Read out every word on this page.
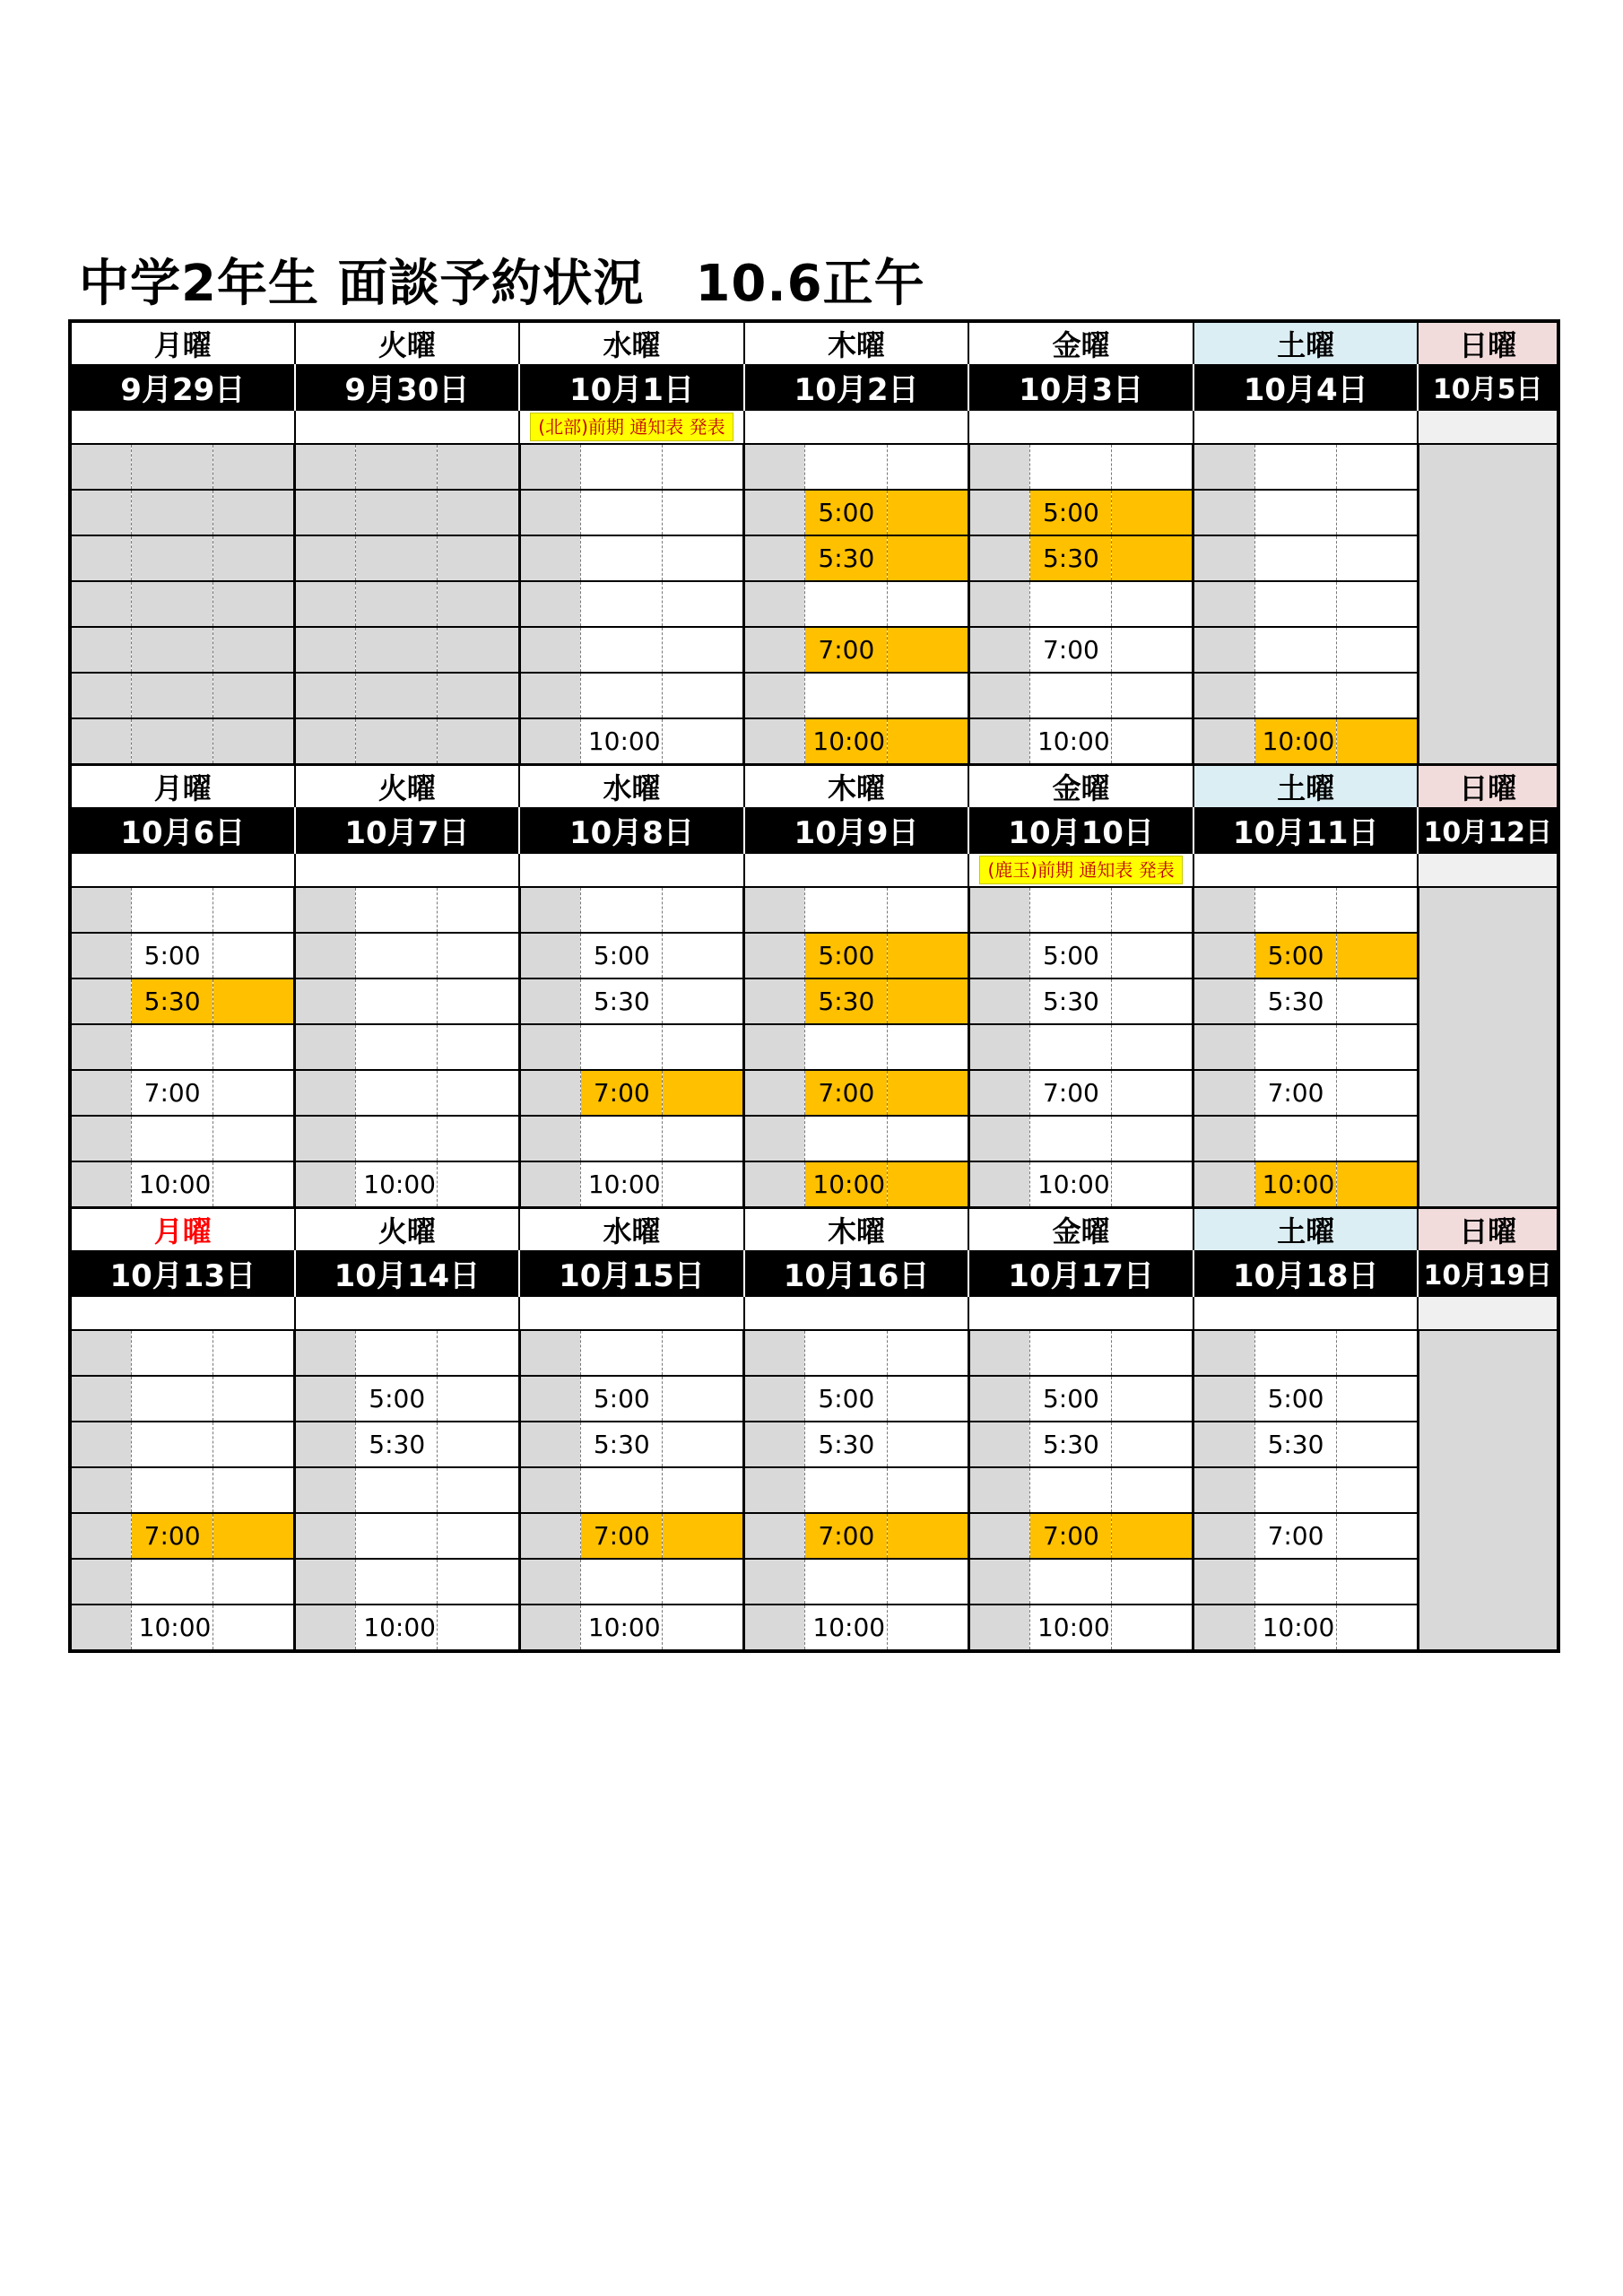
中学2年生 面談予約状況　10.6正午
月曜			火曜			水曜			木曜			金曜			土曜			日曜
9月29日			9月30日			10月1日			10月2日			10月3日			10月4日			10月5日
						(北部)前期 通知表 発表												

										5:00			5:00					
										5:30			5:30					

										7:00			7:00					

							10:00			10:00			10:00			10:00		
月曜			火曜			水曜			木曜			金曜			土曜			日曜
10月6日			10月7日			10月8日			10月9日			10月10日			10月11日			10月12日
												(鹿玉)前期 通知表 発表						

	5:00						5:00			5:00			5:00			5:00		
	5:30						5:30			5:30			5:30			5:30		

	7:00						7:00			7:00			7:00			7:00		

	10:00			10:00			10:00			10:00			10:00			10:00		
月曜			火曜			水曜			木曜			金曜			土曜			日曜
10月13日			10月14日			10月15日			10月16日			10月17日			10月18日			10月19日

				5:00			5:00			5:00			5:00			5:00		
				5:30			5:30			5:30			5:30			5:30		

	7:00						7:00			7:00			7:00			7:00		

	10:00			10:00			10:00			10:00			10:00			10:00		
